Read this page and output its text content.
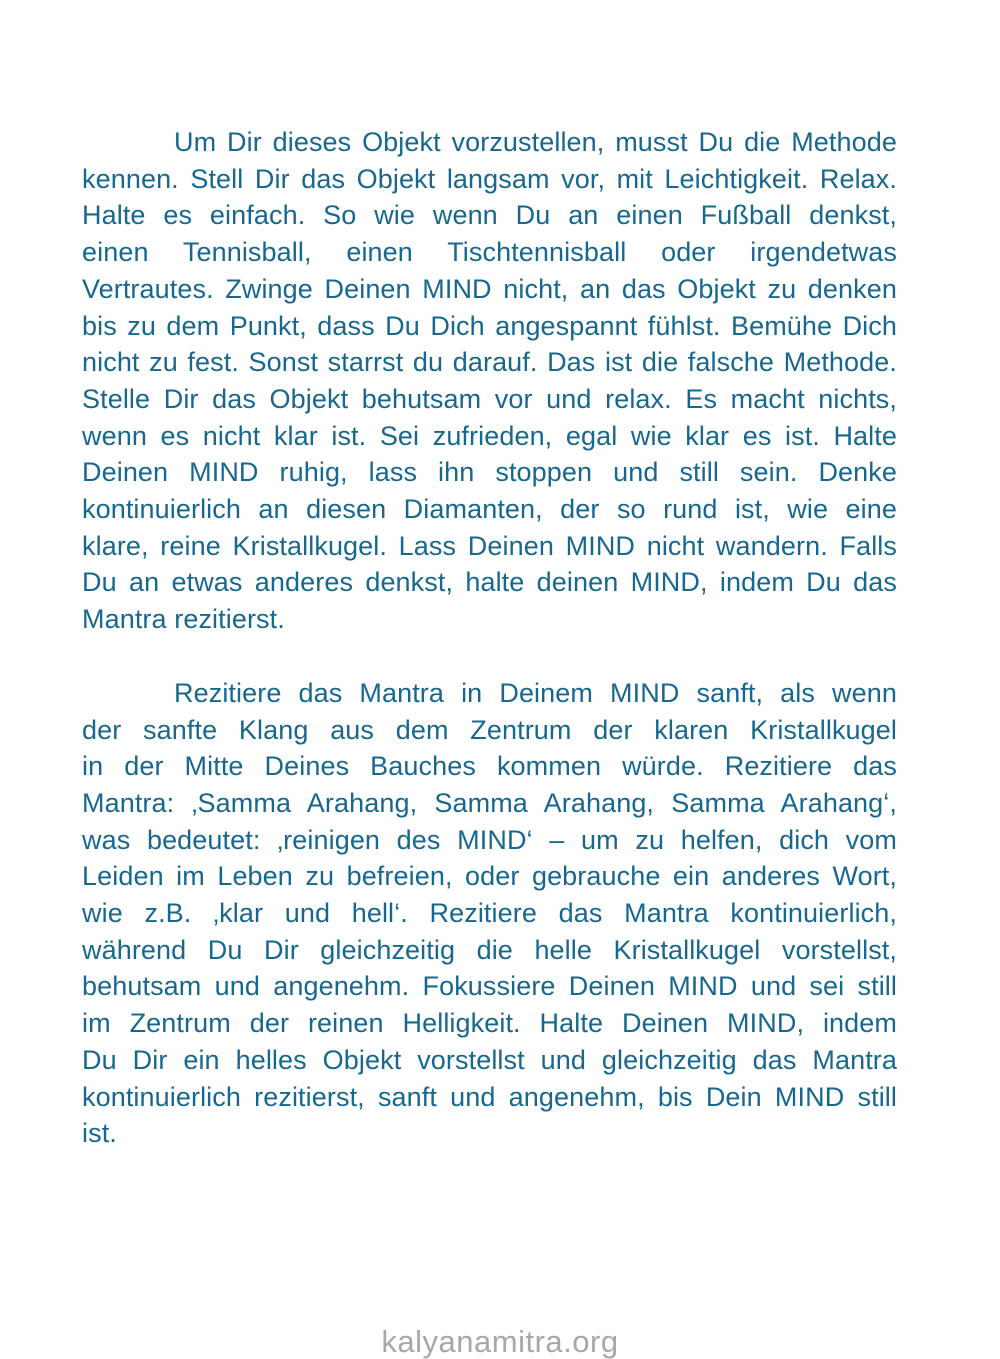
Um Dir dieses Objekt vorzustellen, musst Du die Methode
kennen. Stell Dir das Objekt langsam vor, mit Leichtigkeit. Relax.
Halte es einfach. So wie wenn Du an einen Fußball denkst,
einen Tennisball, einen Tischtennisball oder irgendetwas
Vertrautes. Zwinge Deinen MIND nicht, an das Objekt zu denken
bis zu dem Punkt, dass Du Dich angespannt fühlst. Bemühe Dich
nicht zu fest. Sonst starrst du darauf. Das ist die falsche Methode.
Stelle Dir das Objekt behutsam vor und relax. Es macht nichts,
wenn es nicht klar ist. Sei zufrieden, egal wie klar es ist. Halte
Deinen MIND ruhig, lass ihn stoppen und still sein. Denke
kontinuierlich an diesen Diamanten, der so rund ist, wie eine
klare, reine Kristallkugel. Lass Deinen MIND nicht wandern. Falls
Du an etwas anderes denkst, halte deinen MIND, indem Du das
Mantra rezitierst.
Rezitiere das Mantra in Deinem MIND sanft, als wenn
der sanfte Klang aus dem Zentrum der klaren Kristallkugel
in der Mitte Deines Bauches kommen würde. Rezitiere das
Mantra: ‚Samma Arahang, Samma Arahang, Samma Arahang‘,
was bedeutet: ‚reinigen des MIND‘ – um zu helfen, dich vom
Leiden im Leben zu befreien, oder gebrauche ein anderes Wort,
wie z.B. ‚klar und hell‘. Rezitiere das Mantra kontinuierlich,
während Du Dir gleichzeitig die helle Kristallkugel vorstellst,
behutsam und angenehm. Fokussiere Deinen MIND und sei still
im Zentrum der reinen Helligkeit. Halte Deinen MIND, indem
Du Dir ein helles Objekt vorstellst und gleichzeitig das Mantra
kontinuierlich rezitierst, sanft und angenehm, bis Dein MIND still
ist.
kalyanamitra.org
